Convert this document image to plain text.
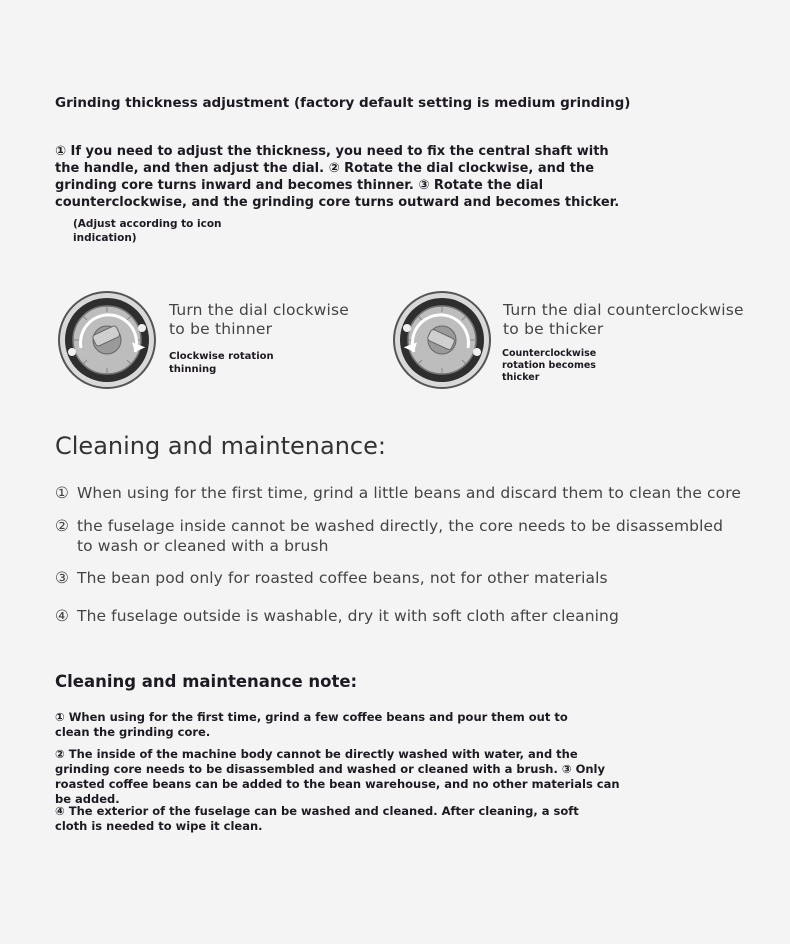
Grinding thickness adjustment (factory default setting is medium grinding)
① If you need to adjust the thickness, you need to fix the central shaft with the handle, and then adjust the dial. ② Rotate the dial clockwise, and the grinding core turns inward and becomes thinner. ③ Rotate the dial counterclockwise, and the grinding core turns outward and becomes thicker.
(Adjust according to icon indication)
Turn the dial clockwise
to be thinner
Clockwise rotation
thinning
Turn the dial counterclockwise
to be thicker
Counterclockwise
rotation becomes
thicker
Cleaning and maintenance:
① When using for the first time, grind a little beans and discard them to clean the core
② the fuselage inside cannot be washed directly, the core needs to be disassembled to wash or cleaned with a brush
③ The bean pod only for roasted coffee beans, not for other materials
④ The fuselage outside is washable, dry it with soft cloth after cleaning
Cleaning and maintenance note:
① When using for the first time, grind a few coffee beans and pour them out to clean the grinding core.
② The inside of the machine body cannot be directly washed with water, and the grinding core needs to be disassembled and washed or cleaned with a brush. ③ Only roasted coffee beans can be added to the bean warehouse, and no other materials can be added.
④ The exterior of the fuselage can be washed and cleaned. After cleaning, a soft cloth is needed to wipe it clean.
